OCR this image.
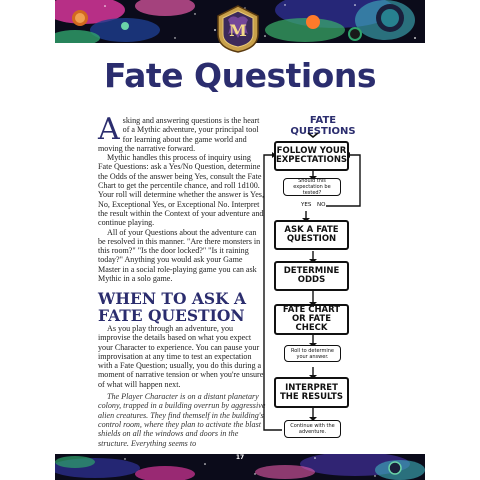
M
Fate Questions

Asking and answering questions is the heart of a Mythic adventure, your principal tool for learning about the game world and moving the narrative forward.

Mythic handles this process of inquiry using Fate Questions: ask a Yes/No Question, determine the Odds of the answer being Yes, consult the Fate Chart to get the percentile chance, and roll 1d100. Your roll will determine whether the answer is Yes, No, Exceptional Yes, or Exceptional No. Interpret the result within the Context of your adventure and continue playing.

All of your Questions about the adventure can be resolved in this manner. "Are there monsters in this room?" "Is the door locked?" "Is it raining today?" Anything you would ask your Game Master in a social role-playing game you can ask Mythic in a solo game.

WHEN TO ASK A FATE QUESTION

As you play through an adventure, you improvise the details based on what you expect your Character to experience. You can pause your improvisation at any time to test an expectation with a Fate Question; usually, you do this during a moment of narrative tension or when you're unsure of what will happen next.

The Player Character is on a distant planetary colony, trapped in a building overrun by aggressive alien creatures. They find themself in the building's control room, where they plan to activate the blast shields on all the windows and doors in the structure. Everything seems to

FATE QUESTIONS
FOLLOW YOUR EXPECTATIONS
Should this expectation be tested?
YES NO
ASK A FATE QUESTION
DETERMINE ODDS
FATE CHART OR FATE CHECK
Roll to determine your answer.
INTERPRET THE RESULTS
Continue with the adventure.
17
